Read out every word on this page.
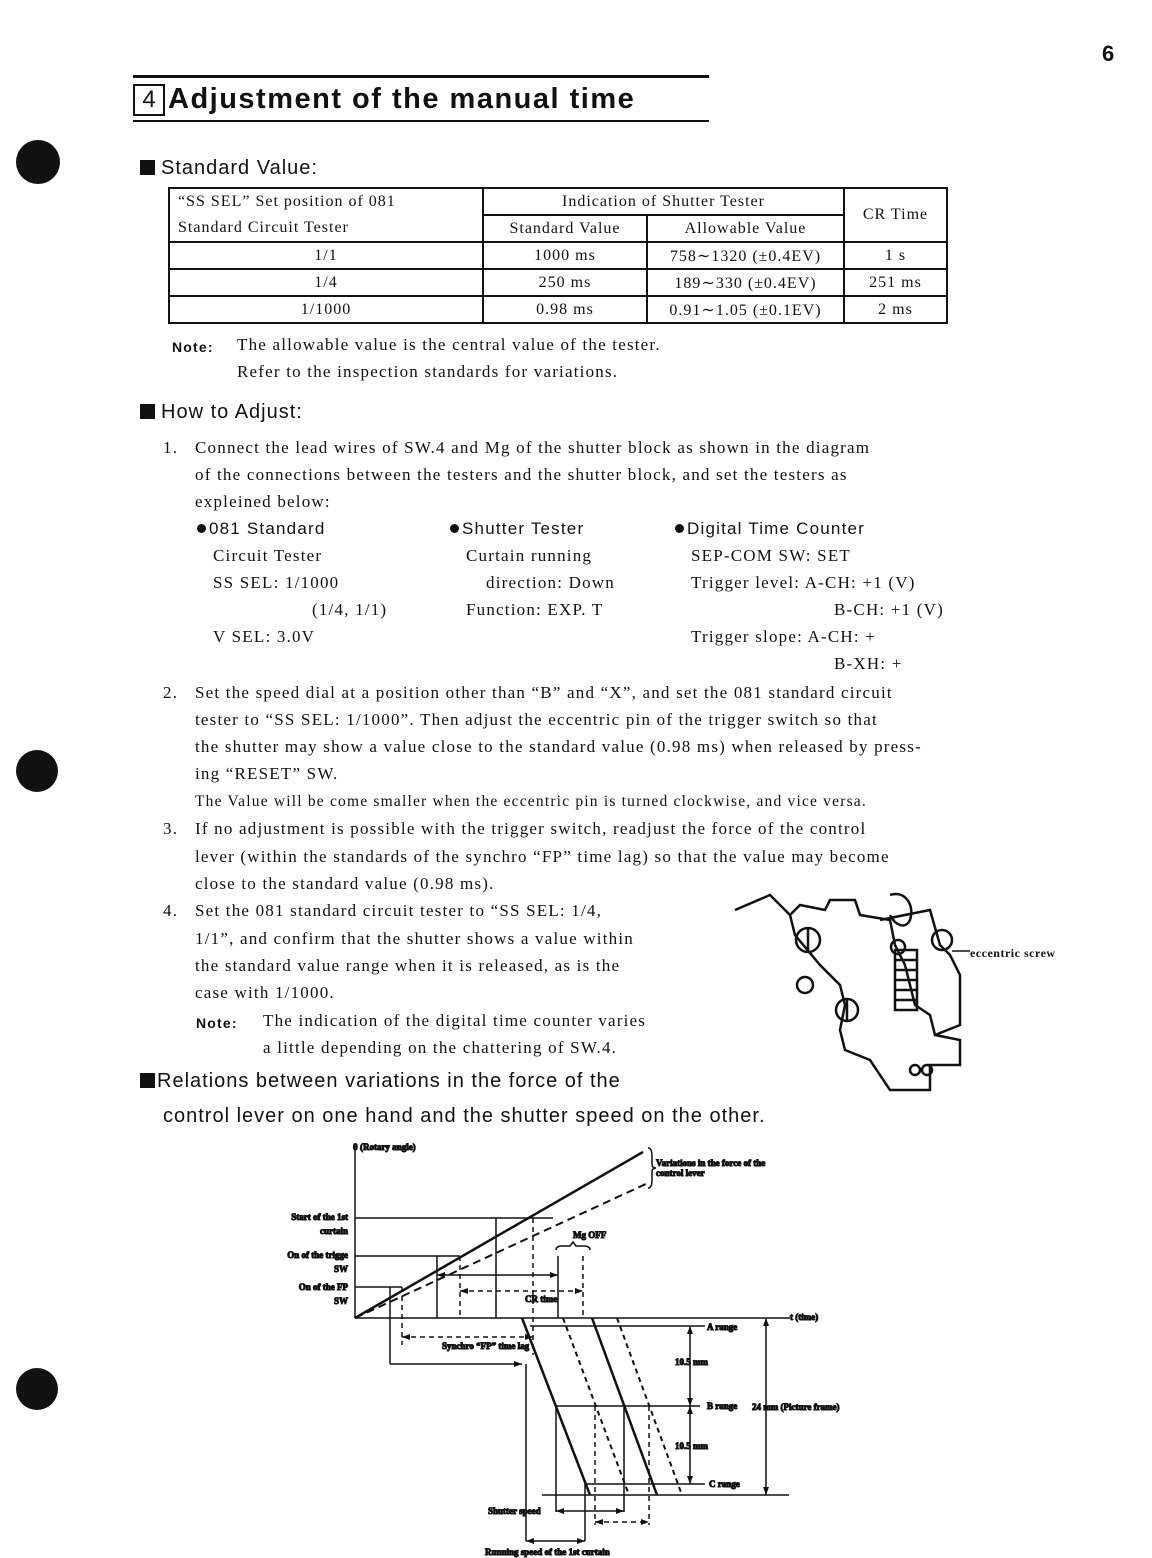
6
4 Adjustment of the manual time
Standard Value:
“SS SEL” Set position of 081
Standard Circuit Tester	Indication of Shutter Tester		CR Time
	Standard Value	Allowable Value	
1/1	1000 ms	758∼1320 (±0.4EV)	1 s
1/4	250 ms	189∼330 (±0.4EV)	251 ms
1/1000	0.98 ms	0.91∼1.05 (±0.1EV)	2 ms
Note: The allowable value is the central value of the tester.
Refer to the inspection standards for variations.
How to Adjust:
1. Connect the lead wires of SW.4 and Mg of the shutter block as shown in the diagram
of the connections between the testers and the shutter block, and set the testers as
expleined below:
081 Standard
Circuit Tester
SS SEL: 1/1000
(1/4, 1/1)
V SEL: 3.0V
Shutter Tester
Curtain running
direction: Down
Function: EXP. T
Digital Time Counter
SEP-COM SW: SET
Trigger level: A-CH: +1 (V)
B-CH: +1 (V)
Trigger slope: A-CH: +
B-XH: +
2. Set the speed dial at a position other than “B” and “X”, and set the 081 standard circuit
tester to “SS SEL: 1/1000”. Then adjust the eccentric pin of the trigger switch so that
the shutter may show a value close to the standard value (0.98 ms) when released by press-
ing “RESET” SW.
The Value will be come smaller when the eccentric pin is turned clockwise, and vice versa.
3. If no adjustment is possible with the trigger switch, readjust the force of the control
lever (within the standards of the synchro “FP” time lag) so that the value may become
close to the standard value (0.98 ms).
4. Set the 081 standard circuit tester to “SS SEL: 1/4,
1/1”, and confirm that the shutter shows a value within
the standard value range when it is released, as is the
case with 1/1000.
Note: The indication of the digital time counter varies
a little depending on the chattering of SW.4.
eccentric screw
Relations between variations in the force of the
control lever on one hand and the shutter speed on the other.
θ (Rotary angle)
t (time)
Variations in the force of the
control lever
Start of the 1st
curtain
On of the trigge
SW
On of the FP
SW
Mg OFF
CR time
Synchro “FP” time lag
A range
B range
C range
10.5 mm
10.5 mm
24 mm (Picture frame)
Shutter speed
Running speed of the 1st curtain
